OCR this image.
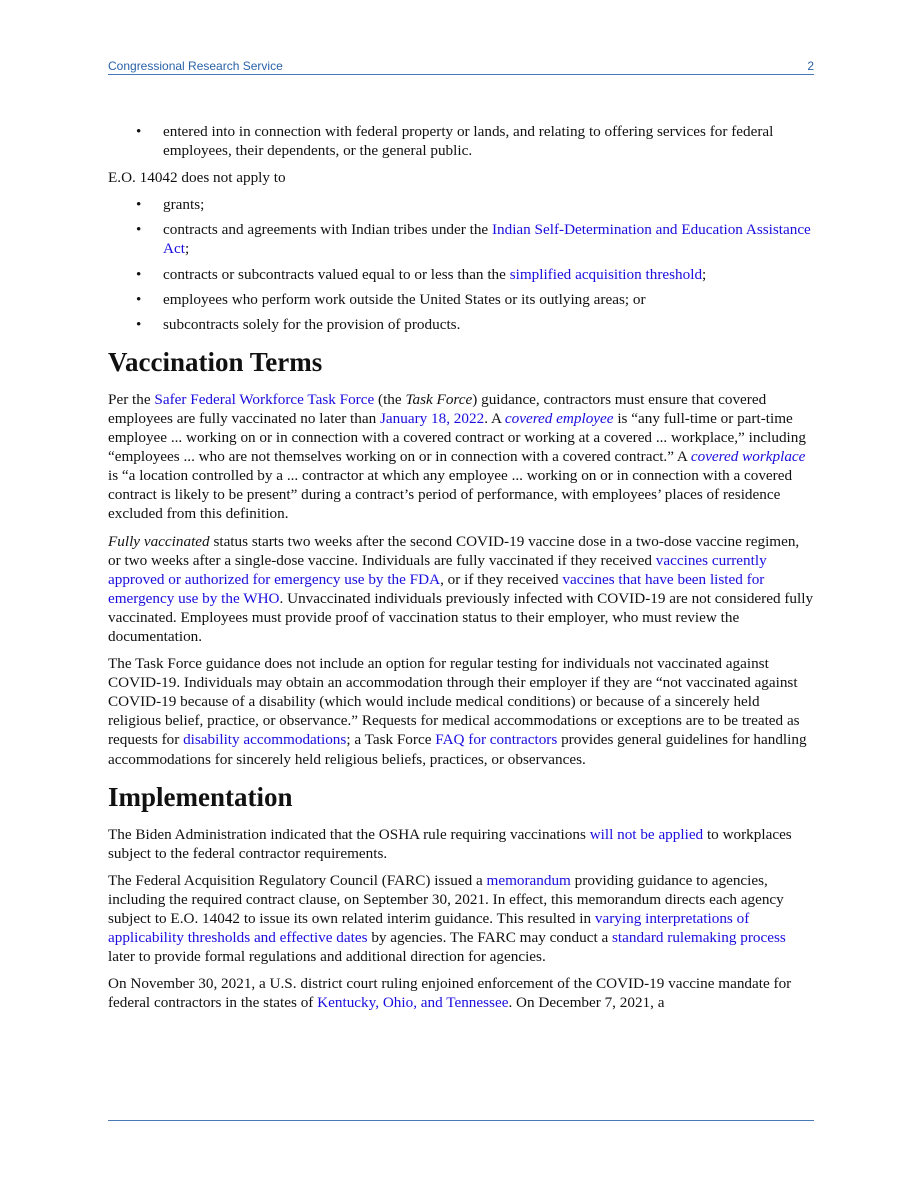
Congressional Research Service	2
• entered into in connection with federal property or lands, and relating to offering services for federal employees, their dependents, or the general public.

E.O. 14042 does not apply to

• grants;
• contracts and agreements with Indian tribes under the Indian Self-Determination and Education Assistance Act;
• contracts or subcontracts valued equal to or less than the simplified acquisition threshold;
• employees who perform work outside the United States or its outlying areas; or
• subcontracts solely for the provision of products.
Vaccination Terms

Per the Safer Federal Workforce Task Force (the Task Force) guidance, contractors must ensure that covered employees are fully vaccinated no later than January 18, 2022. A covered employee is “any full-time or part-time employee ... working on or in connection with a covered contract or working at a covered ... workplace,” including “employees ... who are not themselves working on or in connection with a covered contract.” A covered workplace is “a location controlled by a ... contractor at which any employee ... working on or in connection with a covered contract is likely to be present” during a contract’s period of performance, with employees’ places of residence excluded from this definition.

Fully vaccinated status starts two weeks after the second COVID-19 vaccine dose in a two-dose vaccine regimen, or two weeks after a single-dose vaccine. Individuals are fully vaccinated if they received vaccines currently approved or authorized for emergency use by the FDA, or if they received vaccines that have been listed for emergency use by the WHO. Unvaccinated individuals previously infected with COVID-19 are not considered fully vaccinated. Employees must provide proof of vaccination status to their employer, who must review the documentation.

The Task Force guidance does not include an option for regular testing for individuals not vaccinated against COVID-19. Individuals may obtain an accommodation through their employer if they are “not vaccinated against COVID-19 because of a disability (which would include medical conditions) or because of a sincerely held religious belief, practice, or observance.” Requests for medical accommodations or exceptions are to be treated as requests for disability accommodations; a Task Force FAQ for contractors provides general guidelines for handling accommodations for sincerely held religious beliefs, practices, or observances.

Implementation

The Biden Administration indicated that the OSHA rule requiring vaccinations will not be applied to workplaces subject to the federal contractor requirements.

The Federal Acquisition Regulatory Council (FARC) issued a memorandum providing guidance to agencies, including the required contract clause, on September 30, 2021. In effect, this memorandum directs each agency subject to E.O. 14042 to issue its own related interim guidance. This resulted in varying interpretations of applicability thresholds and effective dates by agencies. The FARC may conduct a standard rulemaking process later to provide formal regulations and additional direction for agencies.

On November 30, 2021, a U.S. district court ruling enjoined enforcement of the COVID-19 vaccine mandate for federal contractors in the states of Kentucky, Ohio, and Tennessee. On December 7, 2021, a
